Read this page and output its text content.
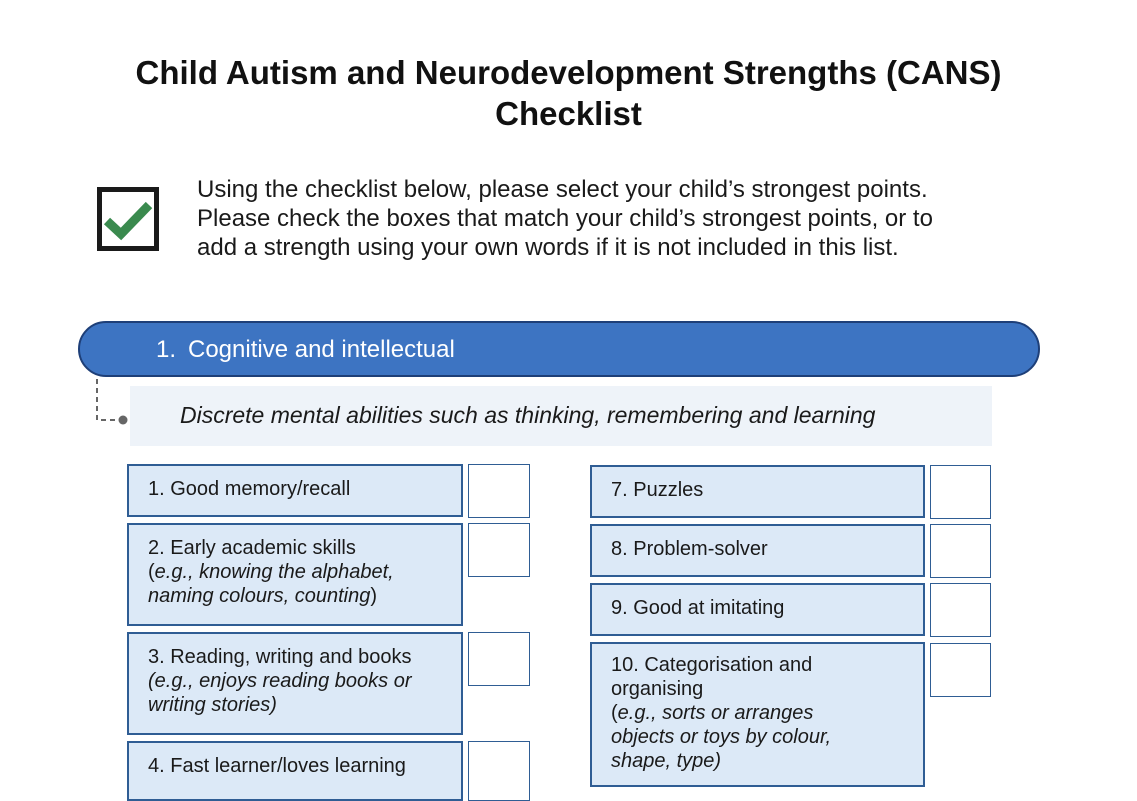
Child Autism and Neurodevelopment Strengths (CANS)
Checklist
Using the checklist below, please select your child’s strongest points.
Please check the boxes that match your child’s strongest points, or to
add a strength using your own words if it is not included in this list.
1. Cognitive and intellectual
Discrete mental abilities such as thinking, remembering and learning
1. Good memory/recall
2. Early academic skills
(e.g., knowing the alphabet,
naming colours, counting)
3. Reading, writing and books
(e.g., enjoys reading books or
writing stories)
4. Fast learner/loves learning
7. Puzzles
8. Problem-solver
9. Good at imitating
10. Categorisation and
organising
(e.g., sorts or arranges
objects or toys by colour,
shape, type)
